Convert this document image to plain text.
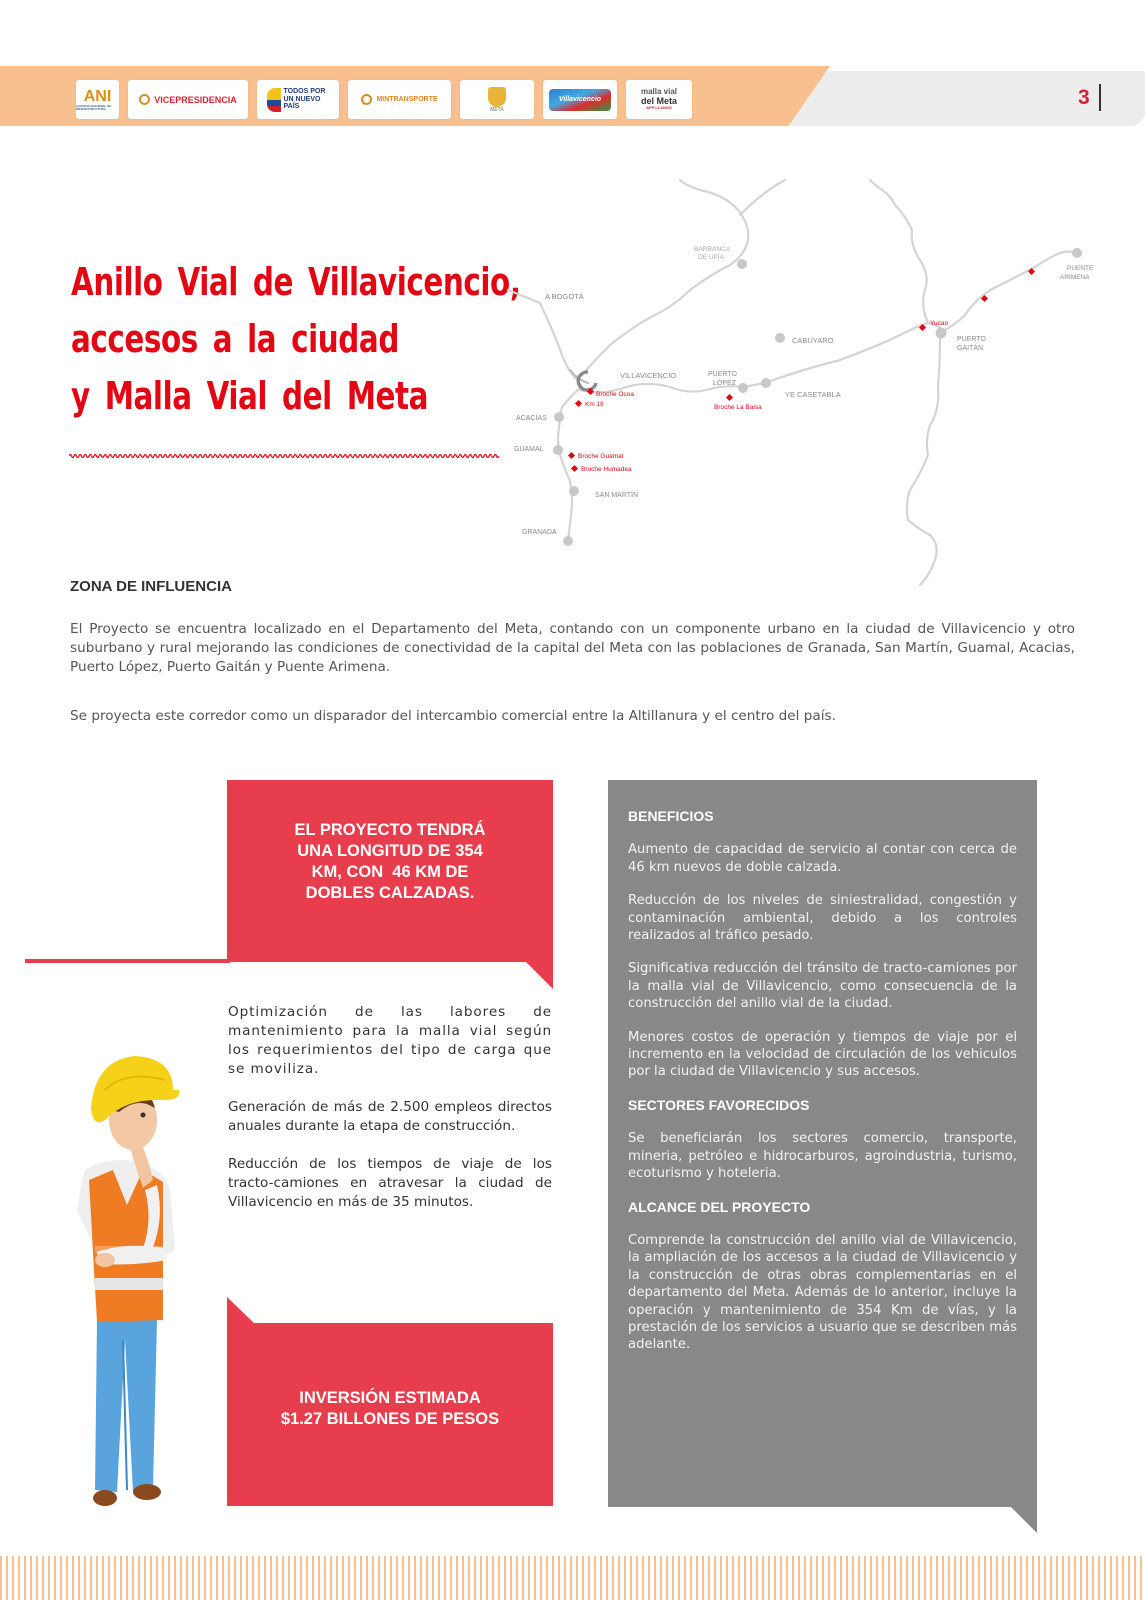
ANI
AGENCIA NACIONAL DE INFRAESTRUCTURA
VICEPRESIDENCIA
TODOS POR UN NUEVO PAÍS
MINTRANSPORTE
META
Villavicencio
malla vial
del Meta
APP LLANOS	3
Anillo Vial de Villavicencio,
accesos a la ciudad
y Malla Vial del Meta
A BOGOTÁ
BARRANCA
DE UPÍA
VILLAVICENCIO	PUERTO
LÓPEZ
CABUYARO
YE CASETABLA
PUERTO
GAITÁN
PUENTE
ARIMENA
ACACÍAS
GUAMAL
SAN MARTÍN
GRANADA
Broche Ocoa
Km 18	Broche La Balsa
Yucao
Broche Guamal
Broche Humadea
ZONA DE INFLUENCIA

El Proyecto se encuentra localizado en el Departamento del Meta, contando con un componente urbano en la ciudad de Villavicencio y otro suburbano y rural mejorando las condiciones de conectividad de la capital del Meta con las poblaciones de Granada, San Martín, Guamal, Acacias, Puerto López, Puerto Gaitán y Puente Arimena.

Se proyecta este corredor como un disparador del intercambio comercial entre la Altillanura y el centro del país.

EL PROYECTO TENDRÁ
UNA LONGITUD DE 354
KM, CON  46 KM DE
DOBLES CALZADAS.

Optimización de las labores de mantenimiento para la malla vial según los requerimientos del tipo de carga que se moviliza.

Generación de más de 2.500 empleos directos anuales durante la etapa de construcción.

Reducción de los tiempos de viaje de los tracto-camiones en atravesar la ciudad de Villavicencio en más de 35 minutos.

INVERSIÓN ESTIMADA
$1.27 BILLONES DE PESOS
BENEFICIOS

Aumento de capacidad de servicio al contar con cerca de 46 km nuevos de doble calzada.

Reducción de los niveles de siniestralidad, congestión y contaminación ambiental, debido a los controles realizados al tráfico pesado.

Significativa reducción del tránsito de tracto-camiones por la malla vial de Villavicencio, como consecuencia de la construcción del anillo vial de la ciudad.

Menores costos de operación y tiempos de viaje por el incremento en la velocidad de circulación de los vehiculos por la ciudad de Villavicencio y sus accesos.

SECTORES FAVORECIDOS

Se beneficiarán los sectores comercio, transporte, mineria, petróleo e hidrocarburos, agroindustria, turismo, ecoturismo y hoteleria.

ALCANCE DEL PROYECTO

Comprende la construcción del anillo vial de Villavicencio, la ampliación de los accesos a la ciudad de Villavicencio y la construcción de otras obras complementarias en el departamento del Meta. Además de lo anterior, incluye la operación y mantenimiento de 354 Km de vías, y la prestación de los servicios a usuario que se describen más adelante.
